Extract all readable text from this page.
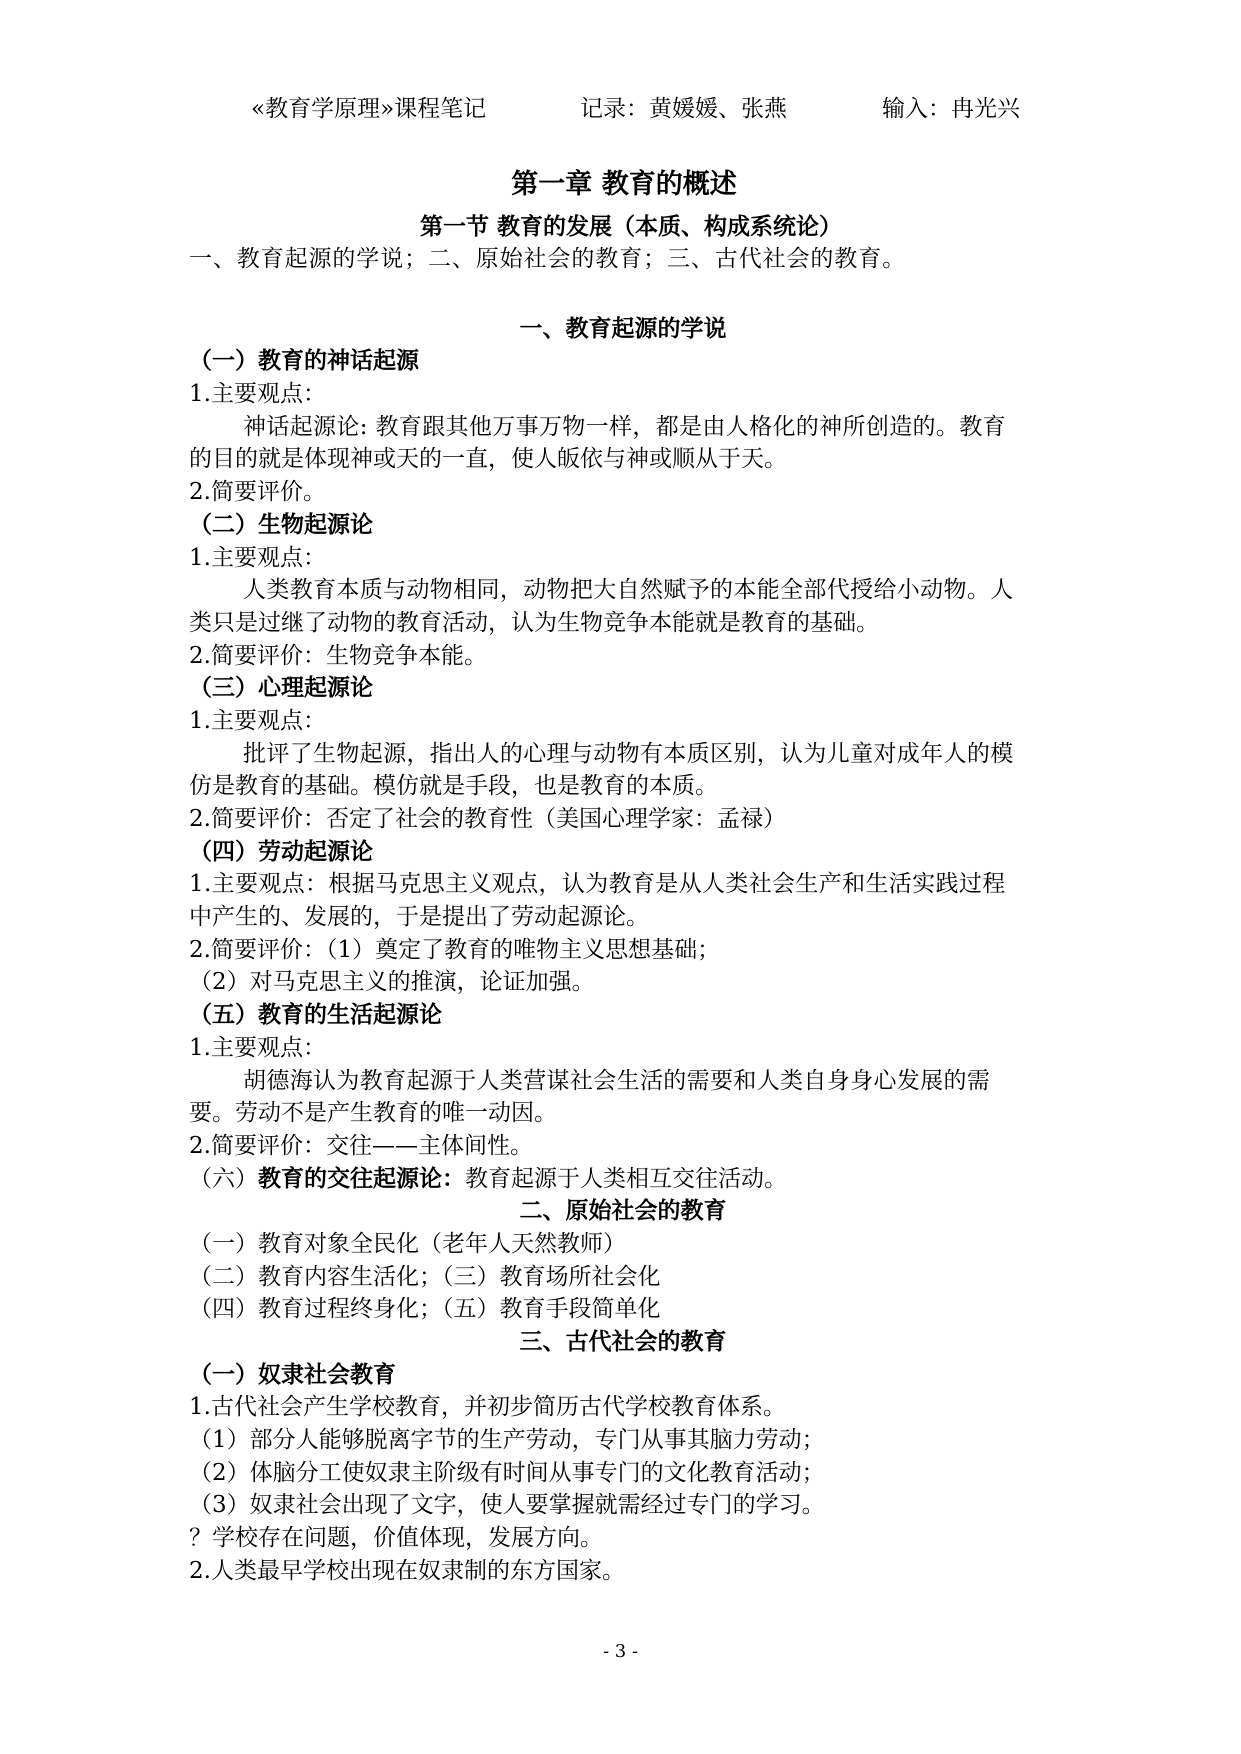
«教育学原理»课程笔记	记录：黄媛媛、张燕	输入：冉光兴
第一章 教育的概述
第一节 教育的发展（本质、构成系统论）
一、教育起源的学说；二、原始社会的教育；三、古代社会的教育。
一、教育起源的学说
（一）教育的神话起源
1.主要观点：
神话起源论: 教育跟其他万事万物一样，都是由人格化的神所创造的。教育
的目的就是体现神或天的一直，使人皈依与神或顺从于天。
2.简要评价。
（二）生物起源论
1.主要观点：
人类教育本质与动物相同，动物把大自然赋予的本能全部代授给小动物。人
类只是过继了动物的教育活动，认为生物竞争本能就是教育的基础。
2.简要评价：生物竞争本能。
（三）心理起源论
1.主要观点：
批评了生物起源，指出人的心理与动物有本质区别，认为儿童对成年人的模
仿是教育的基础。模仿就是手段，也是教育的本质。
2.简要评价：否定了社会的教育性（美国心理学家：孟禄）
（四）劳动起源论
1.主要观点：根据马克思主义观点，认为教育是从人类社会生产和生活实践过程
中产生的、发展的，于是提出了劳动起源论。
2.简要评价：（1）奠定了教育的唯物主义思想基础；
（2）对马克思主义的推演，论证加强。
（五）教育的生活起源论
1.主要观点：
胡德海认为教育起源于人类营谋社会生活的需要和人类自身身心发展的需
要。劳动不是产生教育的唯一动因。
2.简要评价：交往——主体间性。
（六）教育的交往起源论：教育起源于人类相互交往活动。
二、原始社会的教育
（一）教育对象全民化（老年人天然教师）
（二）教育内容生活化；（三）教育场所社会化
（四）教育过程终身化；（五）教育手段简单化
三、古代社会的教育
（一）奴隶社会教育
1.古代社会产生学校教育，并初步简历古代学校教育体系。
（1）部分人能够脱离字节的生产劳动，专门从事其脑力劳动；
（2）体脑分工使奴隶主阶级有时间从事专门的文化教育活动；
（3）奴隶社会出现了文字，使人要掌握就需经过专门的学习。
？学校存在问题，价值体现，发展方向。
2.人类最早学校出现在奴隶制的东方国家。
- 3 -
